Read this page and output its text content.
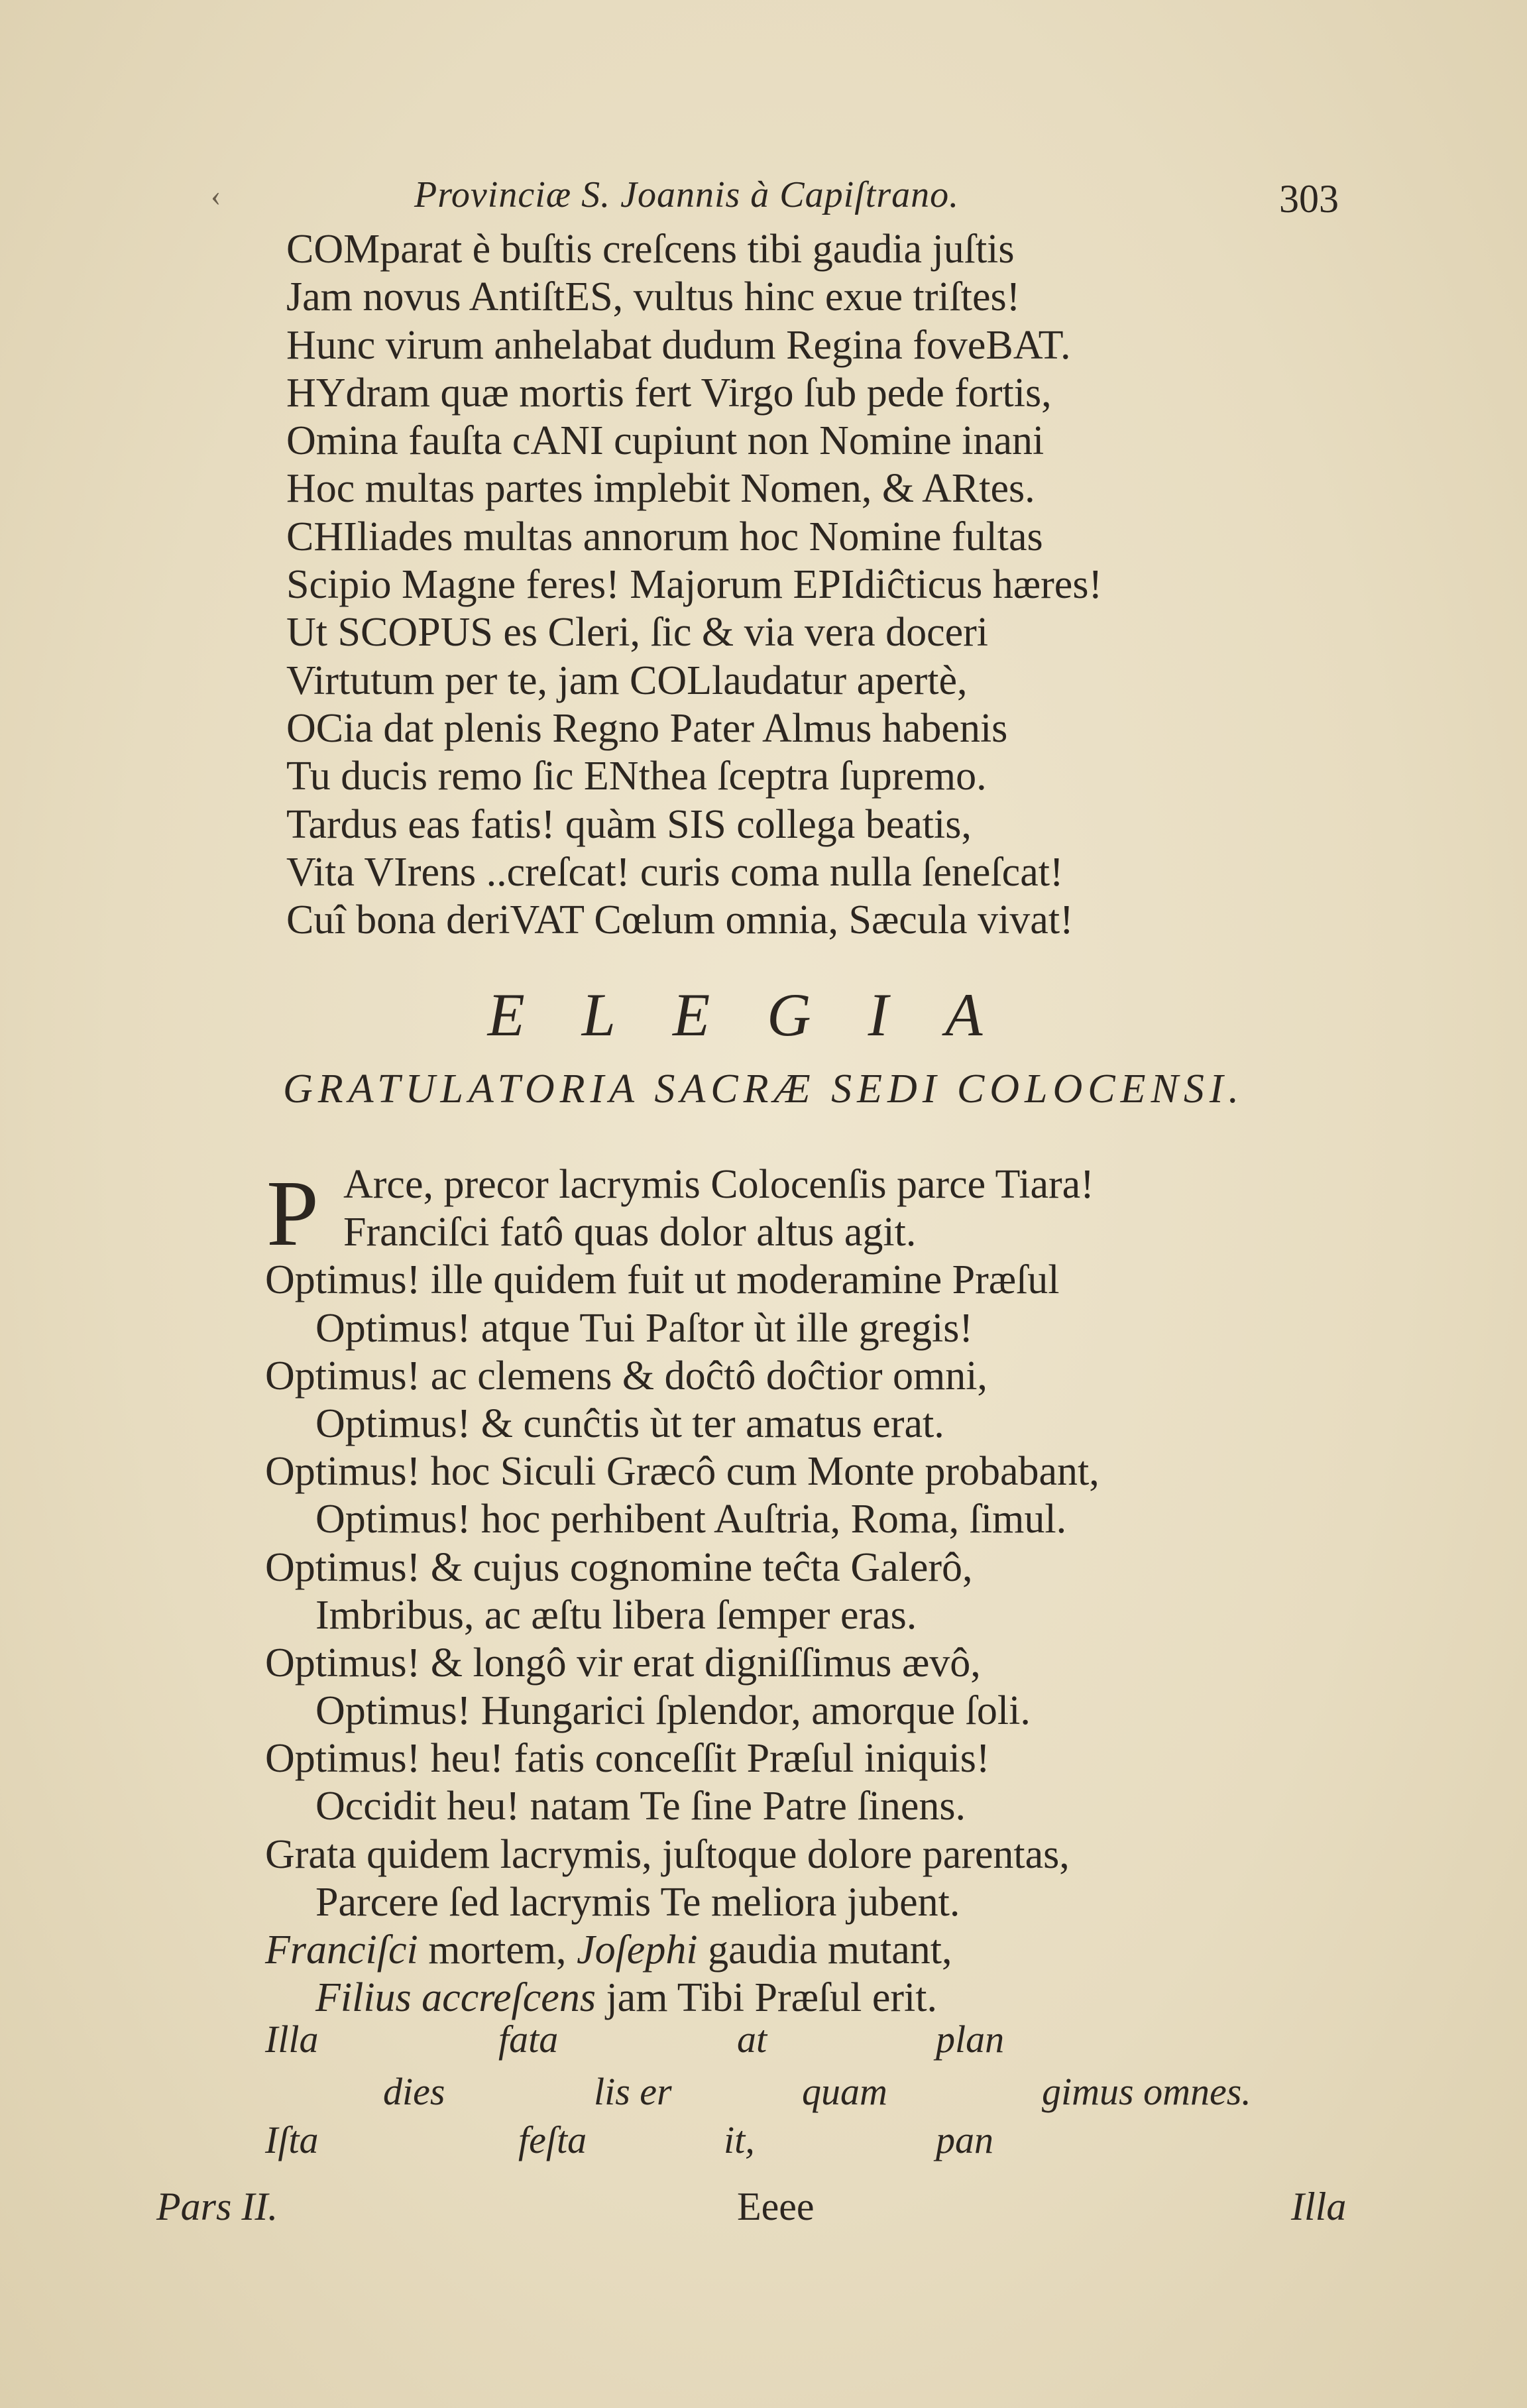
‹	Provinciæ S. Joannis à Capiſtrano.	303
COMparat è buſtis creſcens tibi gaudia juſtis
Jam novus AntiſtES, vultus hinc exue triſtes!
Hunc virum anhelabat dudum Regina foveBAT.
HYdram quæ mortis fert Virgo ſub pede fortis,
Omina fauſta cANI cupiunt non Nomine inani
Hoc multas partes implebit Nomen, & ARtes.
CHIliades multas annorum hoc Nomine fultas
Scipio Magne feres! Majorum EPIdiĉticus hæres!
Ut SCOPUS es Cleri, ſic & via vera doceri
Virtutum per te, jam COLlaudatur apertè,
OCia dat plenis Regno Pater Almus habenis
Tu ducis remo ſic ENthea ſceptra ſupremo.
Tardus eas fatis! quàm SIS collega beatis,
Vita VIrens ..creſcat! curis coma nulla ſeneſcat!
Cuî bona deriVAT Cœlum omnia, Sæcula vivat!
ELEGIA
GRATULATORIA SACRÆ SEDI COLOCENSI.
P Arce, precor lacrymis Colocenſis parce Tiara!
Franciſci fatô quas dolor altus agit.
Optimus! ille quidem fuit ut moderamine Præſul
Optimus! atque Tui Paſtor ùt ille gregis!
Optimus! ac clemens & doĉtô doĉtior omni,
Optimus! & cunĉtis ùt ter amatus erat.
Optimus! hoc Siculi Græcô cum Monte probabant,
Optimus! hoc perhibent Auſtria, Roma, ſimul.
Optimus! & cujus cognomine teĉta Galerô,
Imbribus, ac æſtu libera ſemper eras.
Optimus! & longô vir erat digniſſimus ævô,
Optimus! Hungarici ſplendor, amorque ſoli.
Optimus! heu! fatis conceſſit Præſul iniquis!
Occidit heu! natam Te ſine Patre ſinens.
Grata quidem lacrymis, juſtoque dolore parentas,
Parcere ſed lacrymis Te meliora jubent.
Franciſci mortem, Joſephi gaudia mutant,
Filius accreſcens jam Tibi Præſul erit.
Illa	fata	at	plan
dies	lis er	quam	gimus omnes.
Iſta	feſta	it,	pan
Pars II.	Eeee	Illa
